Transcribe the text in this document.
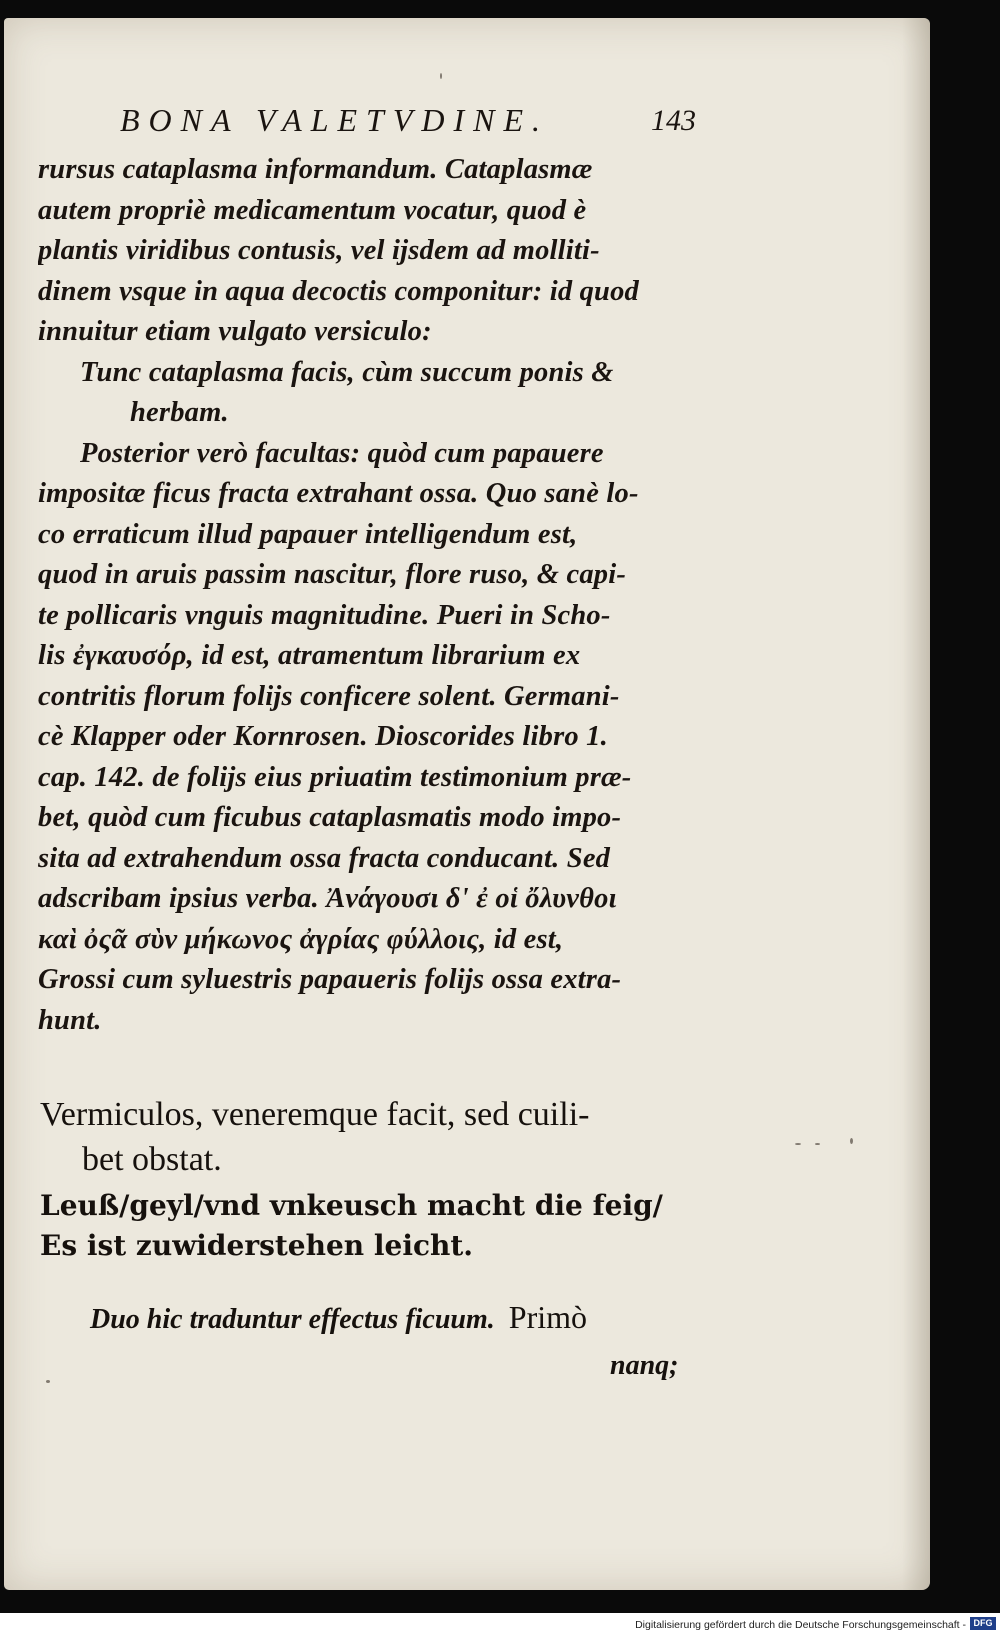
BONA VALETVDINE.	143
rursus cataplasma informandum. Cataplasmæ
autem propriè medicamentum vocatur, quod è
plantis viridibus contusis, vel ijsdem ad molliti-
dinem vsque in aqua decoctis componitur: id quod
innuitur etiam vulgato versiculo:
Tunc cataplasma facis, cùm succum ponis &
herbam.
Posterior verò facultas: quòd cum papauere
impositæ ficus fracta extrahant ossa. Quo sanè lo-
co erraticum illud papauer intelligendum est,
quod in aruis passim nascitur, flore ruso, & capi-
te pollicaris vnguis magnitudine. Pueri in Scho-
lis ἐγκαυσόρ, id est, atramentum librarium ex
contritis florum folijs conficere solent. Germani-
cè Klapper oder Kornrosen. Dioscorides libro 1.
cap. 142. de folijs eius priuatim testimonium præ-
bet, quòd cum ficubus cataplasmatis modo impo-
sita ad extrahendum ossa fracta conducant. Sed
adscribam ipsius verba. Ἀνάγουσι δ' ἐ οἱ ὄλυνθοι
καὶ ὀςᾶ σὺν μήκωνος ἀγρίας φύλλοις, id est,
Grossi cum syluestris papaueris folijs ossa extra-
hunt.
Vermiculos, veneremque facit, sed cuili-
bet obstat.
Leuß/geyl/vnd vnkeusch macht die feig/
Es ist zuwiderstehen leicht.
Duo hic traduntur effectus ficuum. Primò
nanq;
Digitalisierung gefördert durch die Deutsche Forschungsgemeinschaft - DFG
